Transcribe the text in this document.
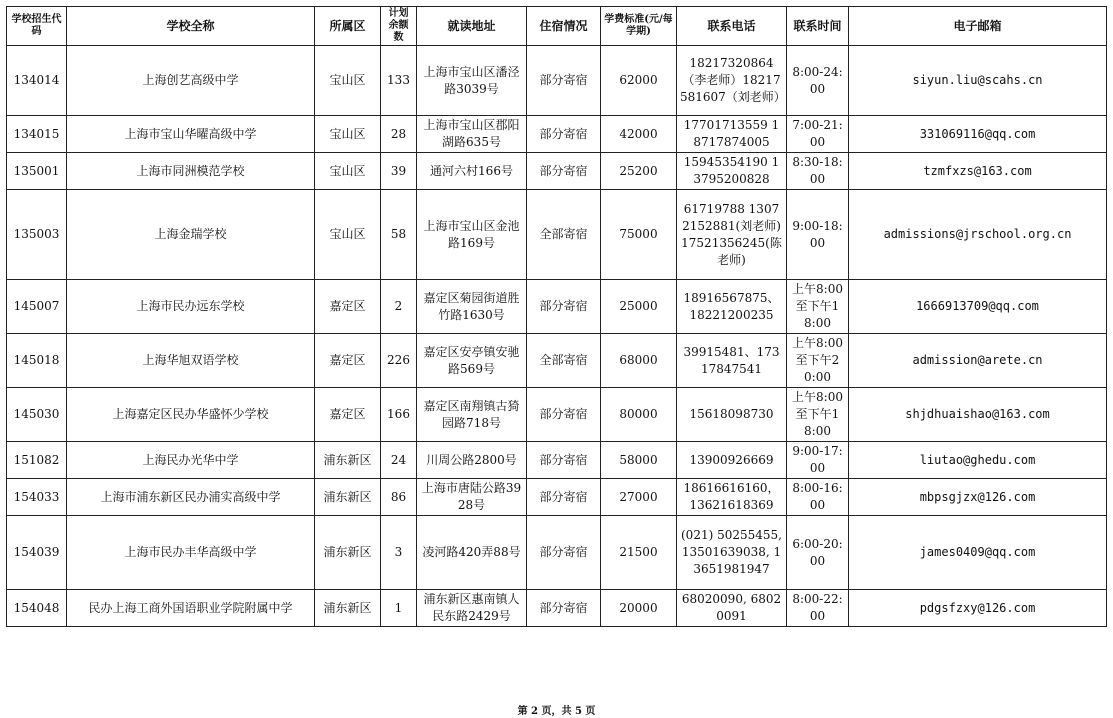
学校招生代码	学校全称	所属区	计划余额数	就读地址	住宿情况	学费标准(元/每学期)	联系电话	联系时间	电子邮箱
134014	上海创艺高级中学	宝山区	133	上海市宝山区潘泾路3039号	部分寄宿	62000	18217320864（李老师）18217581607（刘老师）	8:00-24:00	siyun.liu@scahs.cn
134015	上海市宝山华曜高级中学	宝山区	28	上海市宝山区郡阳湖路635号	部分寄宿	42000	17701713559 18717874005	7:00-21:00	331069116@qq.com
135001	上海市同洲模范学校	宝山区	39	通河六村166号	部分寄宿	25200	15945354190 13795200828	8:30-18:00	tzmfxzs@163.com
135003	上海金瑞学校	宝山区	58	上海市宝山区金池路169号	全部寄宿	75000	61719788 13072152881(刘老师) 17521356245(陈老师)	9:00-18:00	admissions@jrschool.org.cn
145007	上海市民办远东学校	嘉定区	2	嘉定区菊园街道胜竹路1630号	部分寄宿	25000	18916567875、18221200235	上午8:00至下午18:00	1666913709@qq.com
145018	上海华旭双语学校	嘉定区	226	嘉定区安亭镇安驰路569号	全部寄宿	68000	39915481、17317847541	上午8:00至下午20:00	admission@arete.cn
145030	上海嘉定区民办华盛怀少学校	嘉定区	166	嘉定区南翔镇古猗园路718号	部分寄宿	80000	15618098730	上午8:00至下午18:00	shjdhuaishao@163.com
151082	上海民办光华中学	浦东新区	24	川周公路2800号	部分寄宿	58000	13900926669	9:00-17:00	liutao@ghedu.com
154033	上海市浦东新区民办浦实高级中学	浦东新区	86	上海市唐陆公路3928号	部分寄宿	27000	18616616160，13621618369	8:00-16:00	mbpsgjzx@126.com
154039	上海市民办丰华高级中学	浦东新区	3	凌河路420弄88号	部分寄宿	21500	(021) 50255455, 13501639038, 13651981947	6:00-20:00	james0409@qq.com
154048	民办上海工商外国语职业学院附属中学	浦东新区	1	浦东新区惠南镇人民东路2429号	部分寄宿	20000	68020090, 68020091	8:00-22:00	pdgsfzxy@126.com
第 2 页，共 5 页
